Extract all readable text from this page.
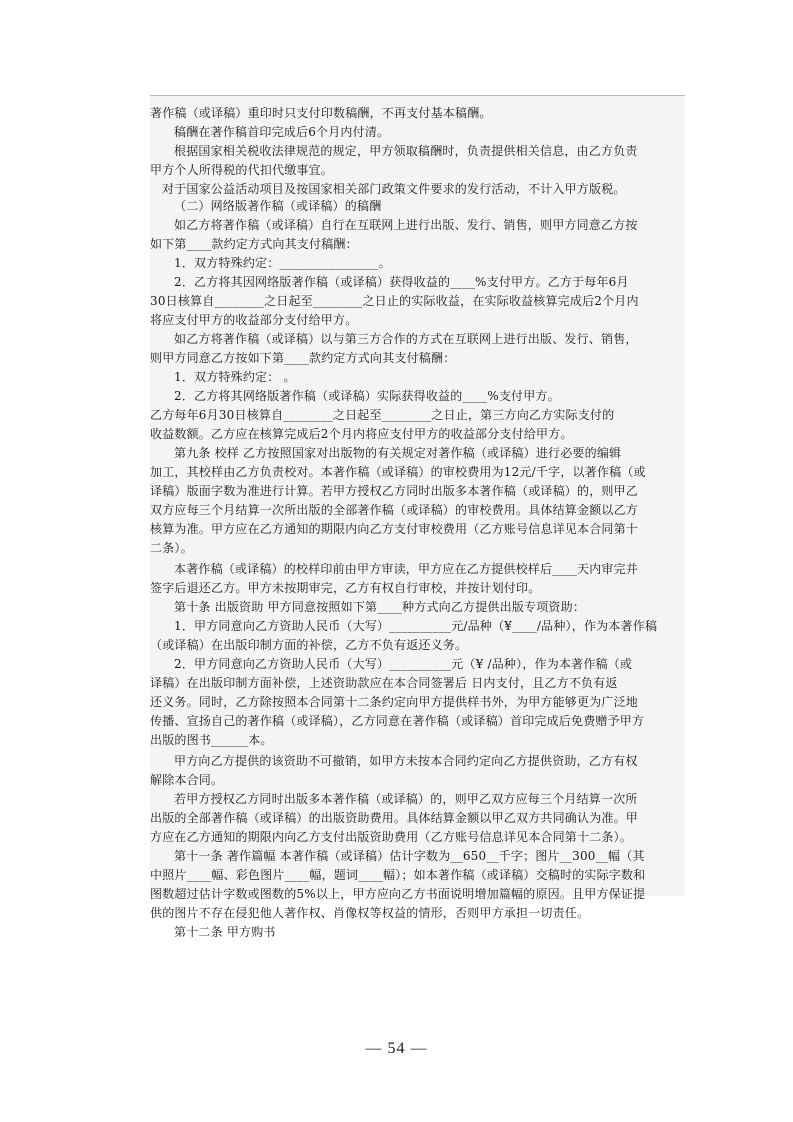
著作稿（或译稿）重印时只支付印数稿酬，不再支付基本稿酬。
稿酬在著作稿首印完成后6个月内付清。
根据国家相关税收法律规范的规定，甲方领取稿酬时，负责提供相关信息，由乙方负责
甲方个人所得税的代扣代缴事宜。
对于国家公益活动项目及按国家相关部门政策文件要求的发行活动，不计入甲方版税。
（二）网络版著作稿（或译稿）的稿酬
如乙方将著作稿（或译稿）自行在互联网上进行出版、发行、销售，则甲方同意乙方按
如下第____款约定方式向其支付稿酬：
1．双方特殊约定：________________。
2．乙方将其因网络版著作稿（或译稿）获得收益的____%支付甲方。乙方于每年6月
30日核算自________之日起至________之日止的实际收益，在实际收益核算完成后2个月内
将应支付甲方的收益部分支付给甲方。
如乙方将著作稿（或译稿）以与第三方合作的方式在互联网上进行出版、发行、销售，
则甲方同意乙方按如下第____款约定方式向其支付稿酬：
1．双方特殊约定： 。
2．乙方将其网络版著作稿（或译稿）实际获得收益的____%支付甲方。
乙方每年6月30日核算自________之日起至________之日止，第三方向乙方实际支付的
收益数额。乙方应在核算完成后2个月内将应支付甲方的收益部分支付给甲方。
第九条 校样 乙方按照国家对出版物的有关规定对著作稿（或译稿）进行必要的编辑
加工，其校样由乙方负责校对。本著作稿（或译稿）的审校费用为12元/千字，以著作稿（或
译稿）版面字数为准进行计算。若甲方授权乙方同时出版多本著作稿（或译稿）的，则甲乙
双方应每三个月结算一次所出版的全部著作稿（或译稿）的审校费用。具体结算金额以乙方
核算为准。甲方应在乙方通知的期限内向乙方支付审校费用（乙方账号信息详见本合同第十
二条）。
本著作稿（或译稿）的校样印前由甲方审读，甲方应在乙方提供校样后____天内审完并
签字后退还乙方。甲方未按期审完，乙方有权自行审校，并按计划付印。
第十条 出版资助 甲方同意按照如下第____种方式向乙方提供出版专项资助：
1．甲方同意向乙方资助人民币（大写）__________元/品种（¥____/品种），作为本著作稿
（或译稿）在出版印制方面的补偿，乙方不负有返还义务。
2．甲方同意向乙方资助人民币（大写）__________元（¥ /品种），作为本著作稿（或
译稿）在出版印制方面补偿，上述资助款应在本合同签署后 日内支付，且乙方不负有返
还义务。同时，乙方除按照本合同第十二条约定向甲方提供样书外，为甲方能够更为广泛地
传播、宣扬自己的著作稿（或译稿），乙方同意在著作稿（或译稿）首印完成后免费赠予甲方
出版的图书______本。
甲方向乙方提供的该资助不可撤销，如甲方未按本合同约定向乙方提供资助，乙方有权
解除本合同。
若甲方授权乙方同时出版多本著作稿（或译稿）的，则甲乙双方应每三个月结算一次所
出版的全部著作稿（或译稿）的出版资助费用。具体结算金额以甲乙双方共同确认为准。甲
方应在乙方通知的期限内向乙方支付出版资助费用（乙方账号信息详见本合同第十二条）。
第十一条 著作篇幅 本著作稿（或译稿）估计字数为__650__千字；图片__300__幅（其
中照片____幅、彩色图片____幅，题词____幅）；如本著作稿（或译稿）交稿时的实际字数和
图数超过估计字数或图数的5%以上，甲方应向乙方书面说明增加篇幅的原因。且甲方保证提
供的图片不存在侵犯他人著作权、肖像权等权益的情形，否则甲方承担一切责任。
第十二条 甲方购书
— 54 —
